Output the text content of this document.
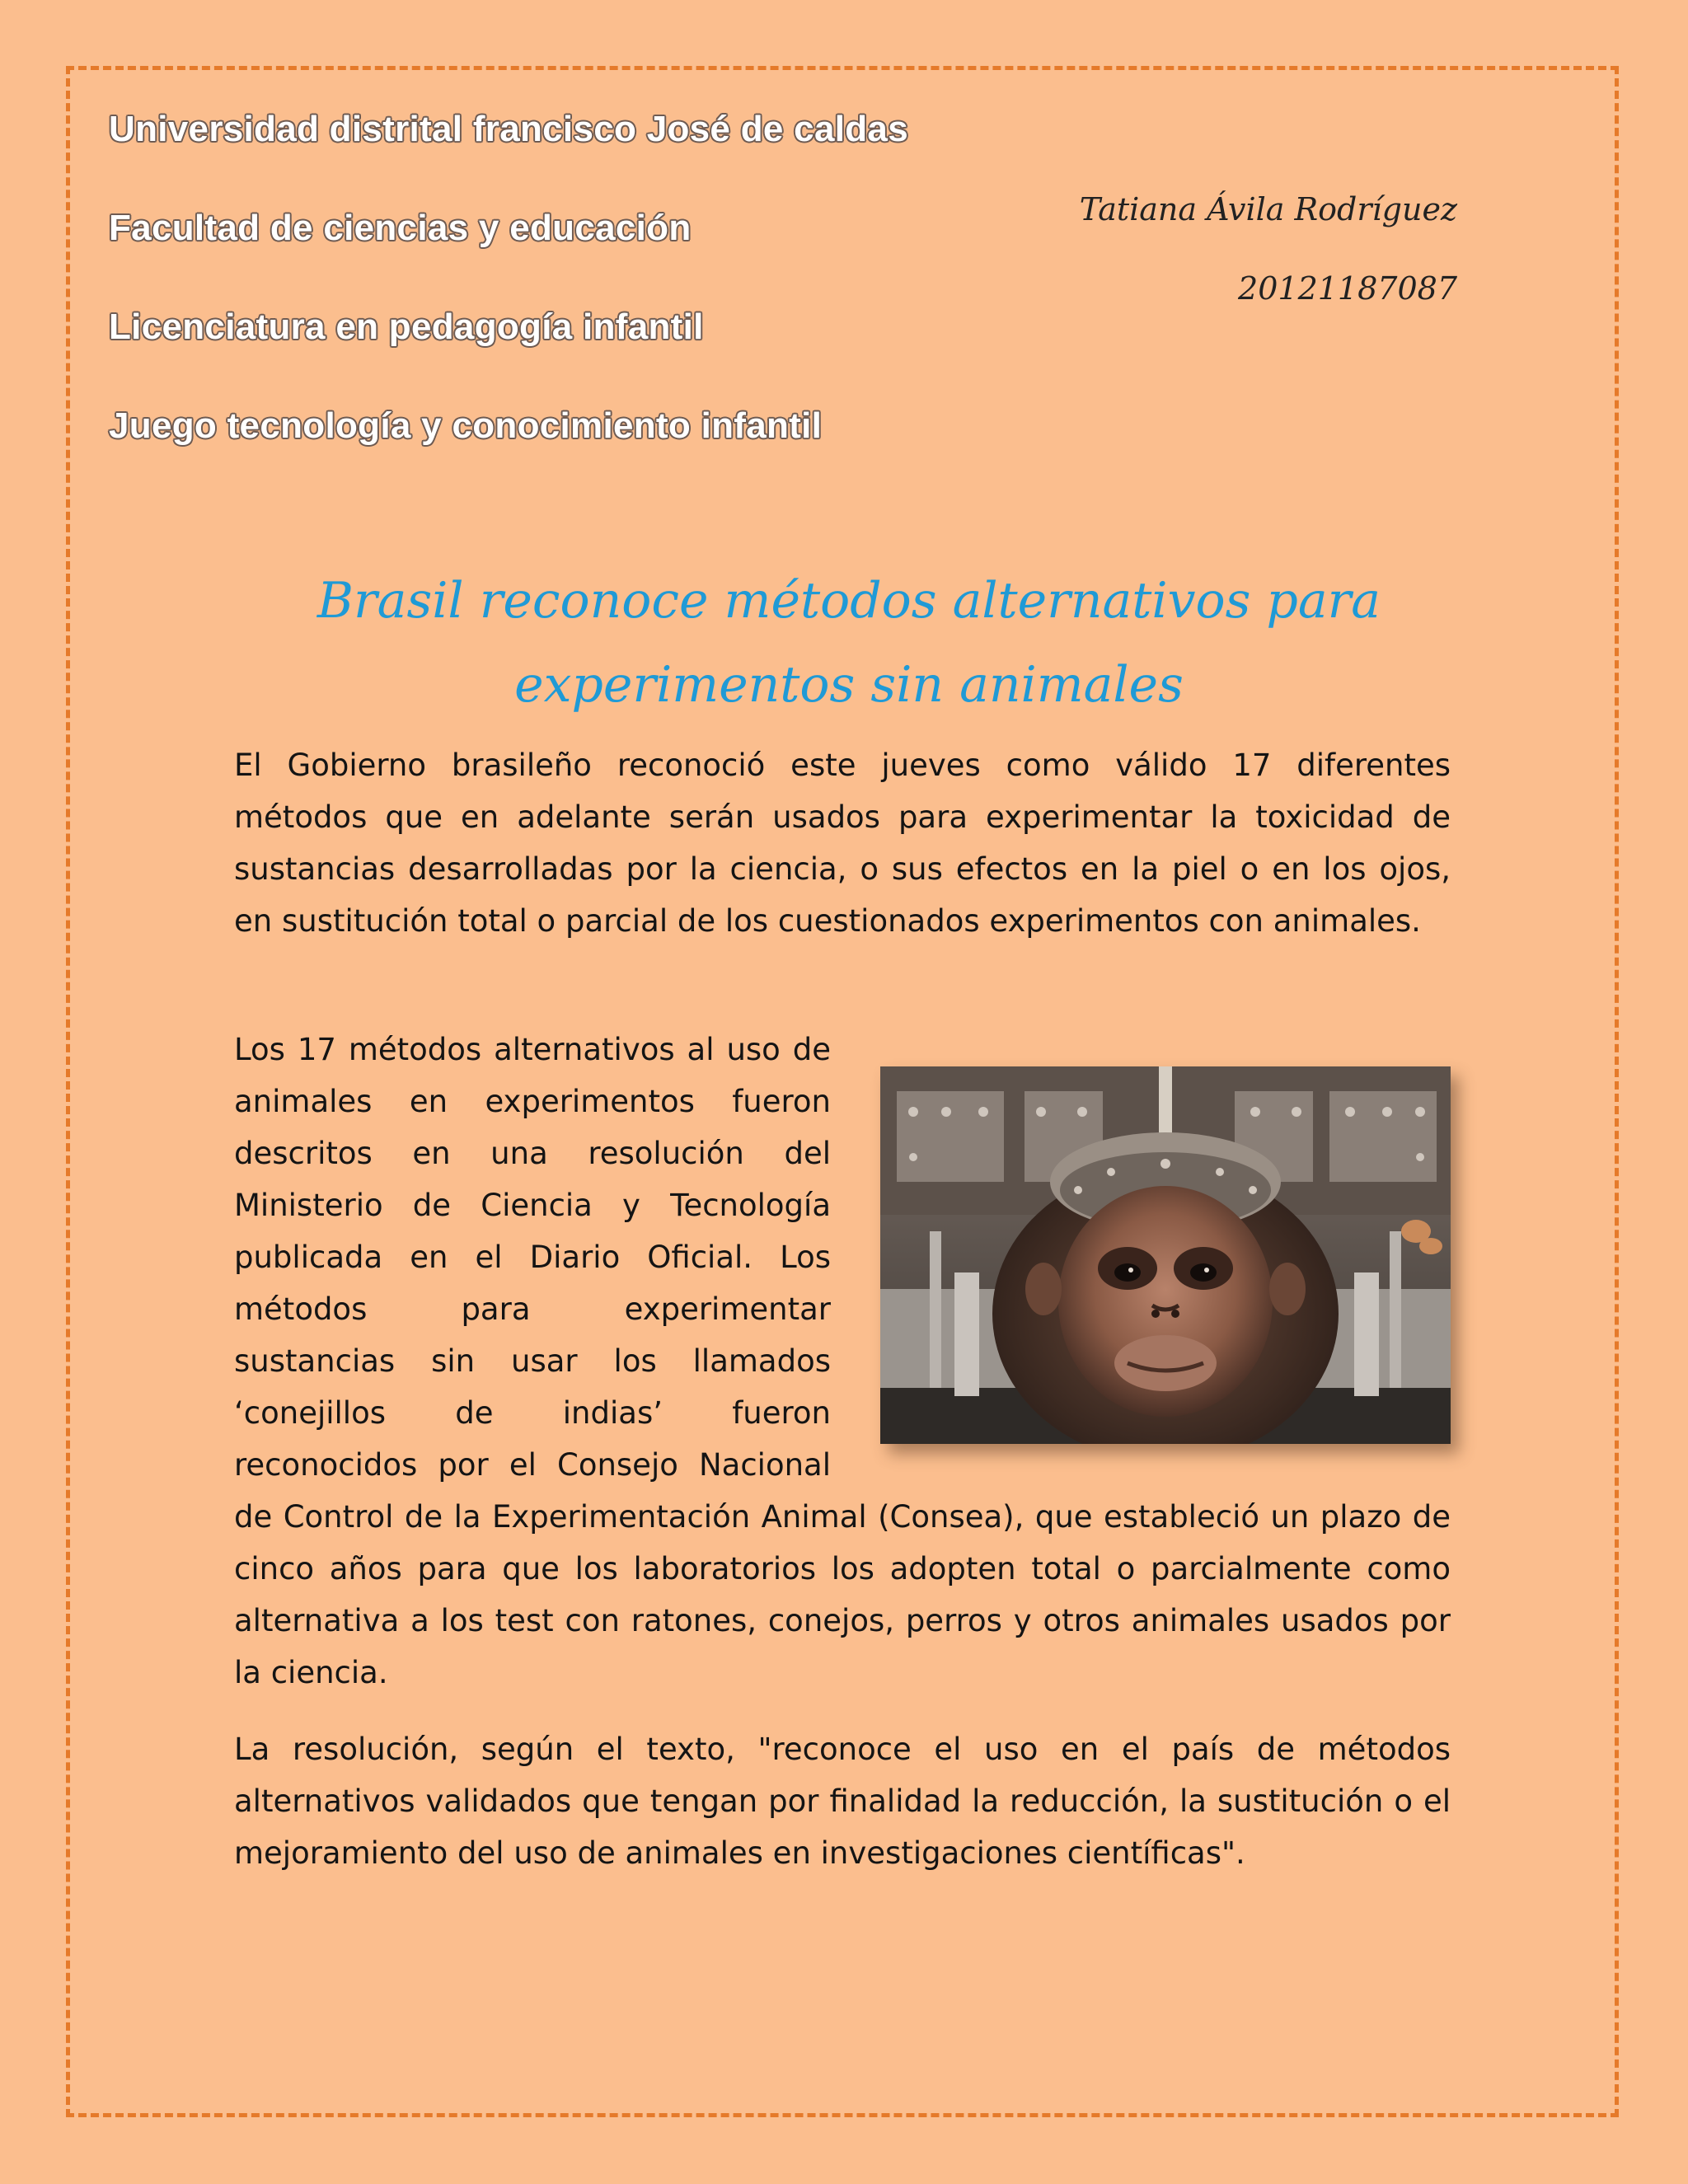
Universidad distrital francisco José de caldas
Facultad de ciencias y educación
Licenciatura en pedagogía infantil
Juego tecnología y conocimiento infantil
Tatiana Ávila Rodríguez
20121187087
Brasil reconoce métodos alternativos para experimentos sin animales

El Gobierno brasileño reconoció este jueves como válido 17 diferentes métodos que en adelante serán usados para experimentar la toxicidad de sustancias desarrolladas por la ciencia, o sus efectos en la piel o en los ojos, en sustitución total o parcial de los cuestionados experimentos con animales.

Los 17 métodos alternativos al uso de animales en experimentos fueron descritos en una resolución del Ministerio de Ciencia y Tecnología publicada en el Diario Oficial. Los métodos para experimentar sustancias sin usar los llamados ‘conejillos de indias’ fueron reconocidos por el Consejo Nacional de Control de la Experimentación Animal (Consea), que estableció un plazo de cinco años para que los laboratorios los adopten total o parcialmente como alternativa a los test con ratones, conejos, perros y otros animales usados por la ciencia.

La resolución, según el texto, "reconoce el uso en el país de métodos alternativos validados que tengan por finalidad la reducción, la sustitución o el mejoramiento del uso de animales en investigaciones científicas".
